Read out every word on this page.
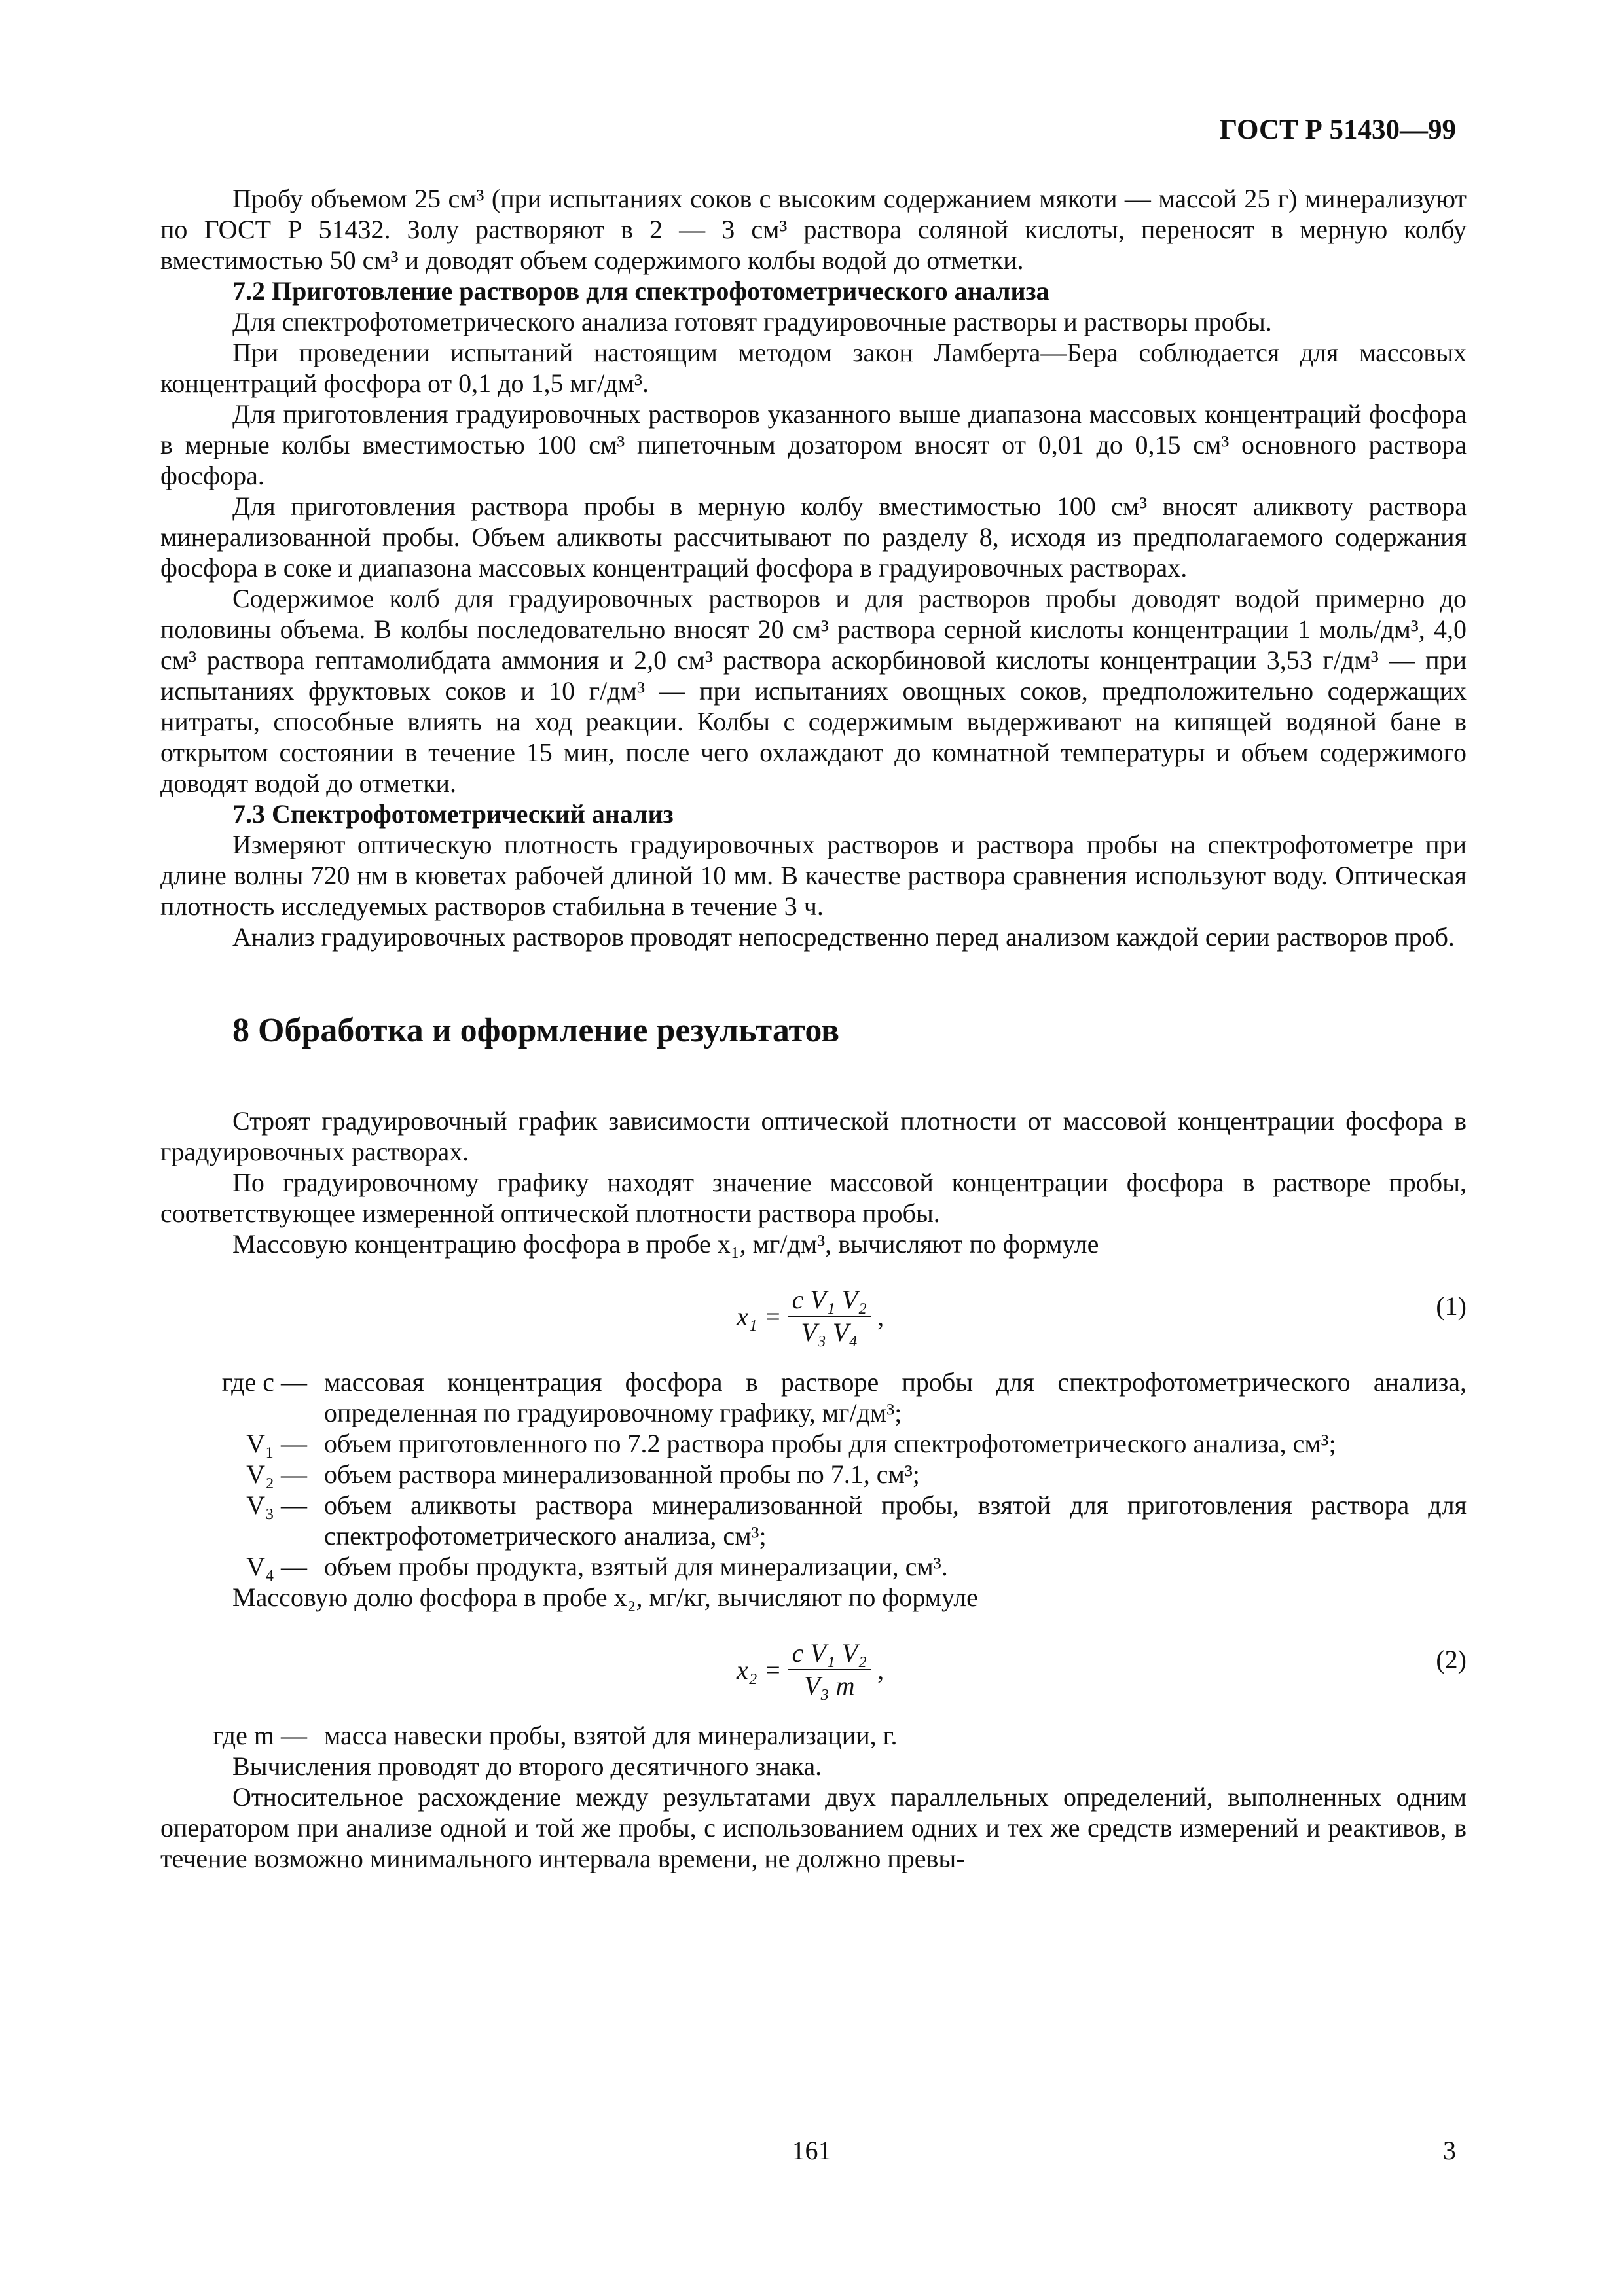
ГОСТ Р 51430—99

Пробу объемом 25 см³ (при испытаниях соков с высоким содержанием мякоти — массой 25 г) минерализуют по ГОСТ Р 51432. Золу растворяют в 2 — 3 см³ раствора соляной кислоты, переносят в мерную колбу вместимостью 50 см³ и доводят объем содержимого колбы водой до отметки.

7.2 Приготовление растворов для спектрофотометрического анализа

Для спектрофотометрического анализа готовят градуировочные растворы и растворы пробы.

При проведении испытаний настоящим методом закон Ламберта—Бера соблюдается для массовых концентраций фосфора от 0,1 до 1,5 мг/дм³.

Для приготовления градуировочных растворов указанного выше диапазона массовых концентраций фосфора в мерные колбы вместимостью 100 см³ пипеточным дозатором вносят от 0,01 до 0,15 см³ основного раствора фосфора.

Для приготовления раствора пробы в мерную колбу вместимостью 100 см³ вносят аликвоту раствора минерализованной пробы. Объем аликвоты рассчитывают по разделу 8, исходя из предполагаемого содержания фосфора в соке и диапазона массовых концентраций фосфора в градуировочных растворах.

Содержимое колб для градуировочных растворов и для растворов пробы доводят водой примерно до половины объема. В колбы последовательно вносят 20 см³ раствора серной кислоты концентрации 1 моль/дм³, 4,0 см³ раствора гептамолибдата аммония и 2,0 см³ раствора аскорбиновой кислоты концентрации 3,53 г/дм³ — при испытаниях фруктовых соков и 10 г/дм³ — при испытаниях овощных соков, предположительно содержащих нитраты, способные влиять на ход реакции. Колбы с содержимым выдерживают на кипящей водяной бане в открытом состоянии в течение 15 мин, после чего охлаждают до комнатной температуры и объем содержимого доводят водой до отметки.

7.3 Спектрофотометрический анализ

Измеряют оптическую плотность градуировочных растворов и раствора пробы на спектрофотометре при длине волны 720 нм в кюветах рабочей длиной 10 мм. В качестве раствора сравнения используют воду. Оптическая плотность исследуемых растворов стабильна в течение 3 ч.

Анализ градуировочных растворов проводят непосредственно перед анализом каждой серии растворов проб.

8 Обработка и оформление результатов

Строят градуировочный график зависимости оптической плотности от массовой концентрации фосфора в градуировочных растворах.

По градуировочному графику находят значение массовой концентрации фосфора в растворе пробы, соответствующее измеренной оптической плотности раствора пробы.

Массовую концентрацию фосфора в пробе x₁, мг/дм³, вычисляют по формуле

$x_1 = \frac{\text{c V₁ V₂}}{\text{V₃ V₄}}$ ,	(1)
где c — массовая концентрация фосфора в растворе пробы для спектрофотометрического анализа, определенная по градуировочному графику, мг/дм³;
V₁ — объем приготовленного по 7.2 раствора пробы для спектрофотометрического анализа, см³;
V₂ — объем раствора минерализованной пробы по 7.1, см³;
V₃ — объем аликвоты раствора минерализованной пробы, взятой для приготовления раствора для спектрофотометрического анализа, см³;
V₄ — объем пробы продукта, взятый для минерализации, см³.

Массовую долю фосфора в пробе x₂, мг/кг, вычисляют по формуле

$x_2 = \frac{\text{c V₁ V₂}}{\text{V₃ m}}$ ,	(2)
где m — масса навески пробы, взятой для минерализации, г.

Вычисления проводят до второго десятичного знака.

Относительное расхождение между результатами двух параллельных определений, выполненных одним оператором при анализе одной и той же пробы, с использованием одних и тех же средств измерений и реактивов, в течение возможно минимального интервала времени, не должно превы-

161	3
